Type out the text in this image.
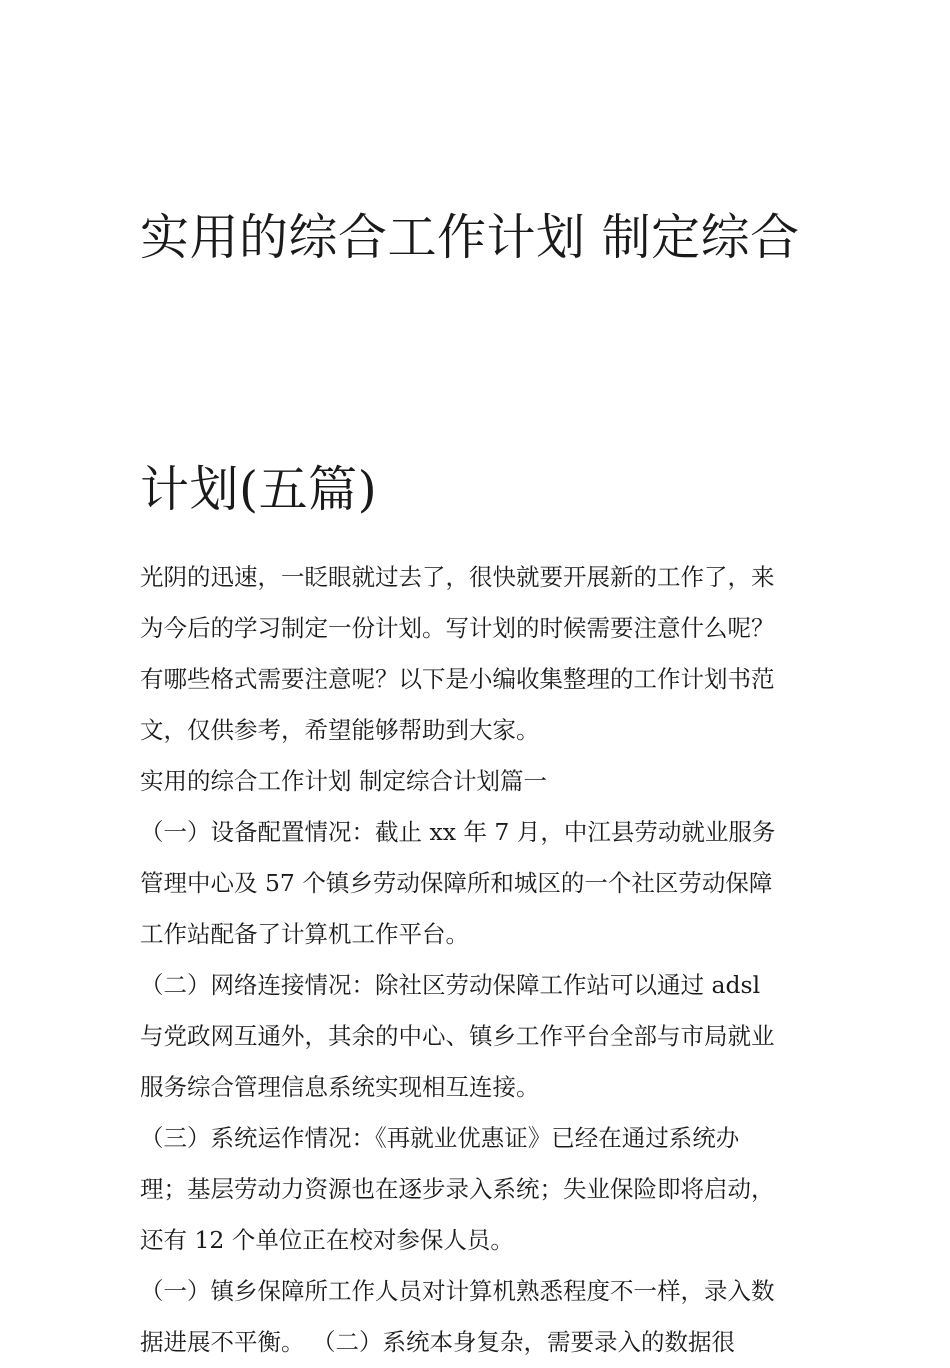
实用的综合工作计划 制定综合

计划(五篇)

光阴的迅速，一眨眼就过去了，很快就要开展新的工作了，来

为今后的学习制定一份计划。写计划的时候需要注意什么呢？

有哪些格式需要注意呢？以下是小编收集整理的工作计划书范

文，仅供参考，希望能够帮助到大家。

实用的综合工作计划 制定综合计划篇一

（一）设备配置情况：截止 xx 年 7 月，中江县劳动就业服务

管理中心及 57 个镇乡劳动保障所和城区的一个社区劳动保障

工作站配备了计算机工作平台。

（二）网络连接情况：除社区劳动保障工作站可以通过 adsl

与党政网互通外，其余的中心、镇乡工作平台全部与市局就业

服务综合管理信息系统实现相互连接。

（三）系统运作情况：《再就业优惠证》已经在通过系统办

理；基层劳动力资源也在逐步录入系统；失业保险即将启动，

还有 12 个单位正在校对参保人员。

（一）镇乡保障所工作人员对计算机熟悉程度不一样，录入数

据进展不平衡。 （二）系统本身复杂，需要录入的数据很
